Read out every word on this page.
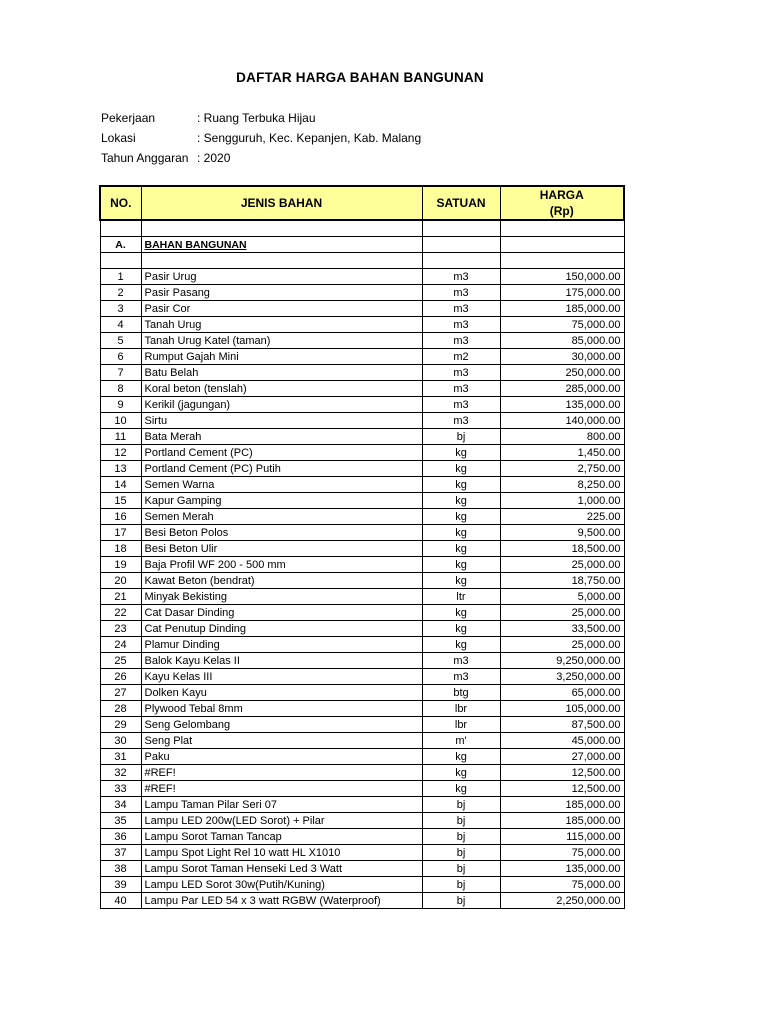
DAFTAR HARGA BAHAN BANGUNAN
Pekerjaan	: Ruang Terbuka Hijau
Lokasi	: Sengguruh, Kec. Kepanjen, Kab. Malang
Tahun Anggaran : 2020
NO.	JENIS BAHAN	SATUAN	HARGA
(Rp)

A.	BAHAN BANGUNAN		

1	Pasir Urug	m3	150,000.00
2	Pasir Pasang	m3	175,000.00
3	Pasir Cor	m3	185,000.00
4	Tanah Urug	m3	75,000.00
5	Tanah Urug Katel (taman)	m3	85,000.00
6	Rumput Gajah Mini	m2	30,000.00
7	Batu Belah	m3	250,000.00
8	Koral beton (tenslah)	m3	285,000.00
9	Kerikil (jagungan)	m3	135,000.00
10	Sirtu	m3	140,000.00
11	Bata Merah	bj	800.00
12	Portland Cement (PC)	kg	1,450.00
13	Portland Cement (PC) Putih	kg	2,750.00
14	Semen Warna	kg	8,250.00
15	Kapur Gamping	kg	1,000.00
16	Semen Merah	kg	225.00
17	Besi Beton Polos	kg	9,500.00
18	Besi Beton Ulir	kg	18,500.00
19	Baja Profil WF 200 - 500 mm	kg	25,000.00
20	Kawat Beton (bendrat)	kg	18,750.00
21	Minyak Bekisting	ltr	5,000.00
22	Cat Dasar Dinding	kg	25,000.00
23	Cat Penutup Dinding	kg	33,500.00
24	Plamur Dinding	kg	25,000.00
25	Balok Kayu Kelas II	m3	9,250,000.00
26	Kayu Kelas III	m3	3,250,000.00
27	Dolken Kayu	btg	65,000.00
28	Plywood Tebal 8mm	lbr	105,000.00
29	Seng Gelombang	lbr	87,500.00
30	Seng Plat	m'	45,000.00
31	Paku	kg	27,000.00
32	#REF!	kg	12,500.00
33	#REF!	kg	12,500.00
34	Lampu Taman Pilar Seri 07	bj	185,000.00
35	Lampu LED 200w(LED Sorot) + Pilar	bj	185,000.00
36	Lampu Sorot Taman Tancap	bj	115,000.00
37	Lampu Spot Light Rel 10 watt HL X1010	bj	75,000.00
38	Lampu Sorot Taman Henseki Led 3 Watt	bj	135,000.00
39	Lampu LED Sorot 30w(Putih/Kuning)	bj	75,000.00
40	Lampu Par LED 54 x 3 watt RGBW (Waterproof)	bj	2,250,000.00
